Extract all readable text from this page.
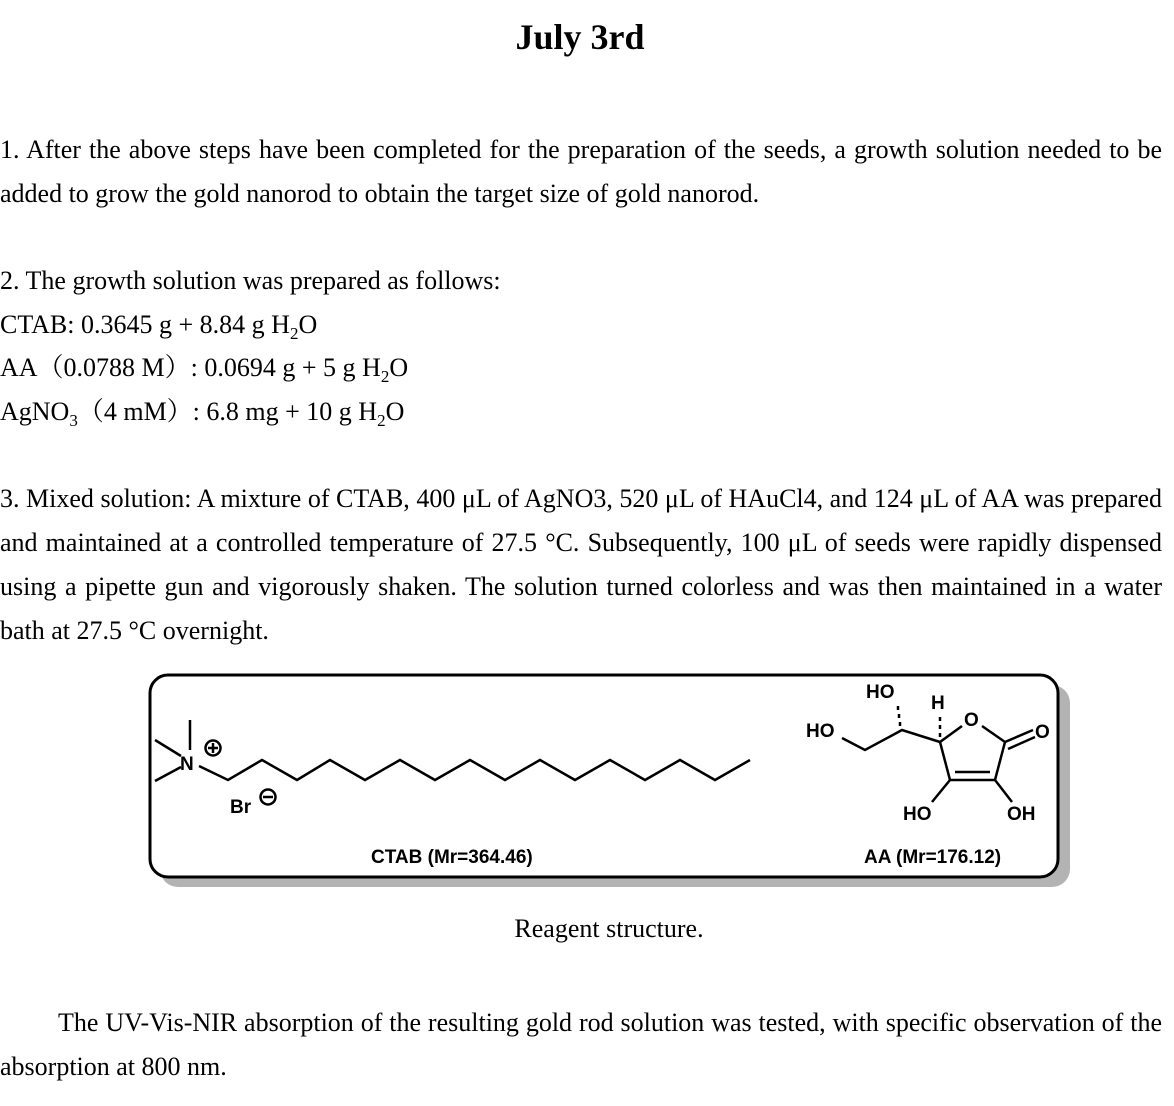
July 3rd

1. After the above steps have been completed for the preparation of the seeds, a growth solution needed to be added to grow the gold nanorod to obtain the target size of gold nanorod.

2. The growth solution was prepared as follows:
CTAB: 0.3645 g + 8.84 g $H_2O$
AA（0.0788 M）: 0.0694 g + 5 g $H_2O$
AgNO$_3$（4 mM）: 6.8 mg + 10 g $H_2O$

3. Mixed solution: A mixture of CTAB, 400 μL of AgNO3, 520 μL of HAuCl4, and 124 μL of AA was prepared and maintained at a controlled temperature of 27.5 °C. Subsequently, 100 μL of seeds were rapidly dispensed using a pipette gun and vigorously shaken. The solution turned colorless and was then maintained in a water bath at 27.5 °C overnight.

N
Br
HO
HO
H
O
O
HO	OH
CTAB (Mr=364.46)	AA (Mr=176.12)
Reagent structure.

The UV-Vis-NIR absorption of the resulting gold rod solution was tested, with specific observation of the absorption at 800 nm.
